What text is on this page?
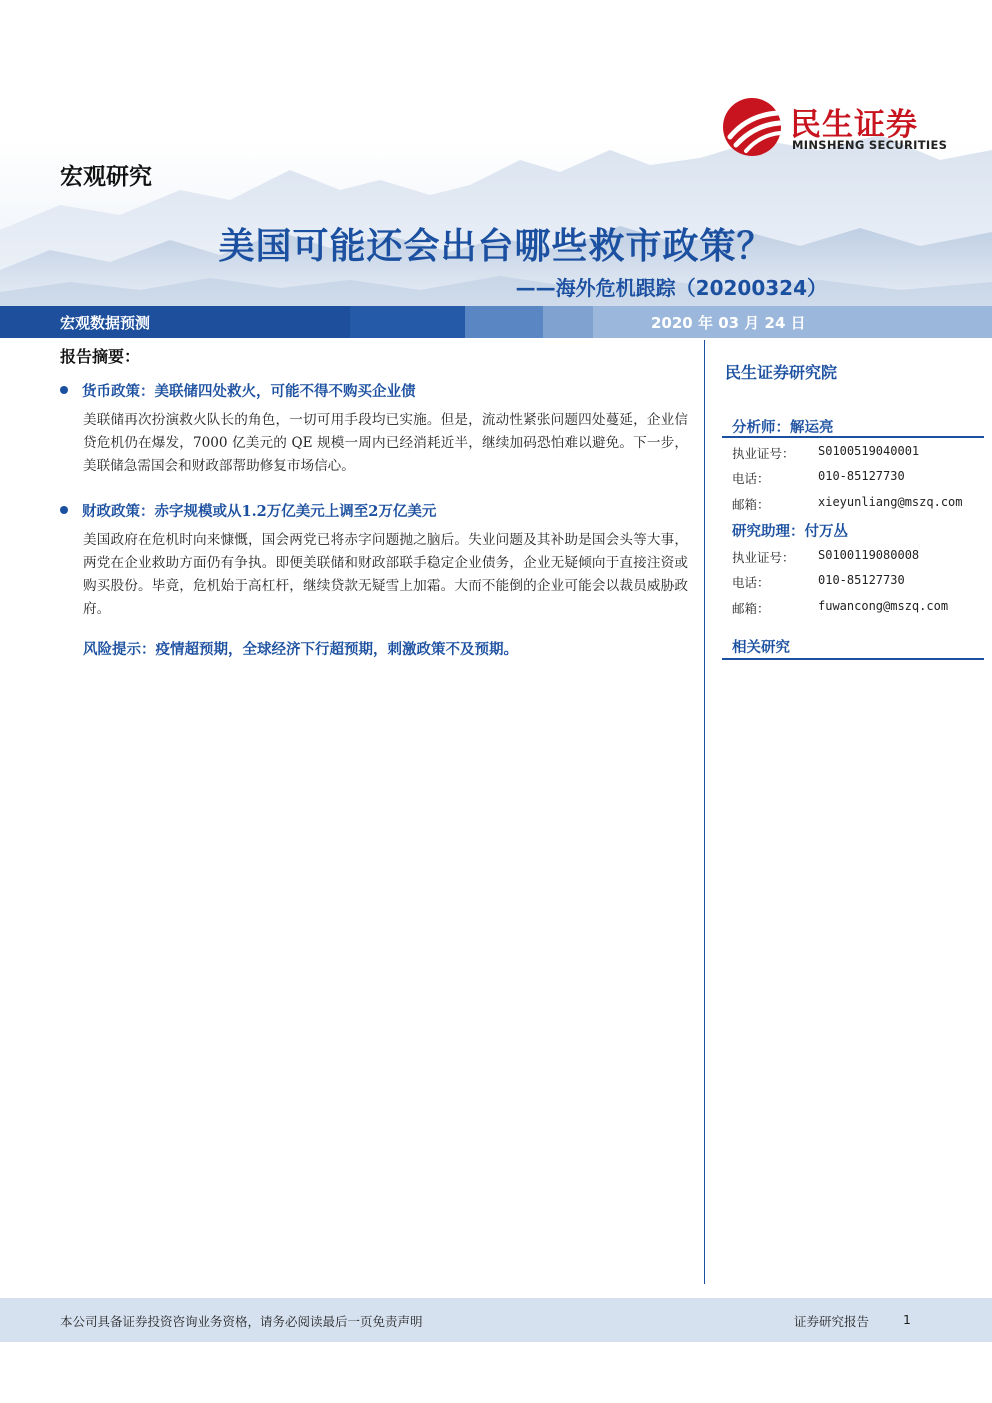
民生证券
MINSHENG SECURITIES
宏观研究
美国可能还会出台哪些救市政策？
——海外危机跟踪（20200324）
宏观数据预测	2020 年 03 月 24 日
报告摘要：
货币政策：美联储四处救火，可能不得不购买企业债
美联储再次扮演救火队长的角色，一切可用手段均已实施。但是，流动性紧张问题四处蔓延，企业信贷危机仍在爆发，7000 亿美元的 QE 规模一周内已经消耗近半，继续加码恐怕难以避免。下一步，美联储急需国会和财政部帮助修复市场信心。
财政政策：赤字规模或从1.2万亿美元上调至2万亿美元
美国政府在危机时向来慷慨，国会两党已将赤字问题抛之脑后。失业问题及其补助是国会头等大事，两党在企业救助方面仍有争执。即便美联储和财政部联手稳定企业债务，企业无疑倾向于直接注资或购买股份。毕竟，危机始于高杠杆，继续贷款无疑雪上加霜。大而不能倒的企业可能会以裁员威胁政府。
风险提示：疫情超预期，全球经济下行超预期，刺激政策不及预期。
民生证券研究院
分析师：解运亮
执业证号： S0100519040001
电话：	010-85127730
邮箱：	xieyunliang@mszq.com
研究助理：付万丛
执业证号： S0100119080008
电话：	010-85127730
邮箱：	fuwancong@mszq.com
相关研究
本公司具备证券投资咨询业务资格，请务必阅读最后一页免责声明	证券研究报告	1
